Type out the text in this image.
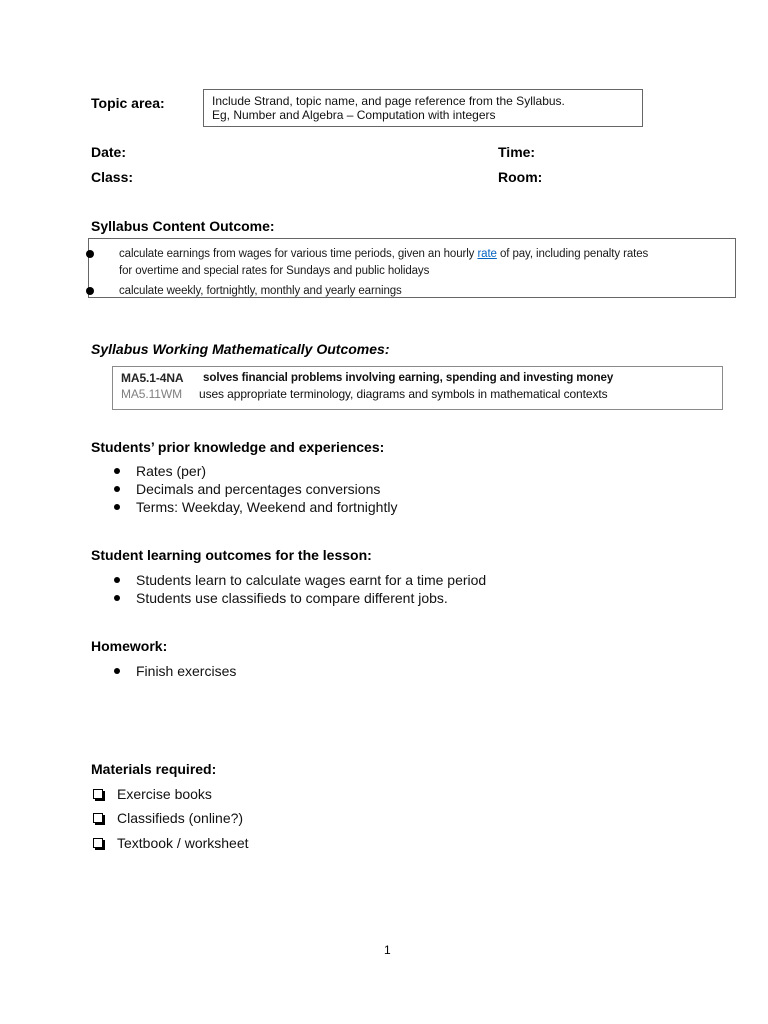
Topic area:	Include Strand, topic name, and page reference from the Syllabus.
Eg, Number and Algebra – Computation with integers
Date:	Time:
Class:	Room:
Syllabus Content Outcome:
calculate earnings from wages for various time periods, given an hourly rate of pay, including penalty rates
for overtime and special rates for Sundays and public holidays
calculate weekly, fortnightly, monthly and yearly earnings
Syllabus Working Mathematically Outcomes:
MA5.1-4NA solves financial problems involving earning, spending and investing money
MA5.11WM uses appropriate terminology, diagrams and symbols in mathematical contexts
Students’ prior knowledge and experiences:
Rates (per)
Decimals and percentages conversions
Terms: Weekday, Weekend and fortnightly
Student learning outcomes for the lesson:
Students learn to calculate wages earnt for a time period
Students use classifieds to compare different jobs.
Homework:
Finish exercises
Materials required:
Exercise books
Classifieds (online?)
Textbook / worksheet
1
